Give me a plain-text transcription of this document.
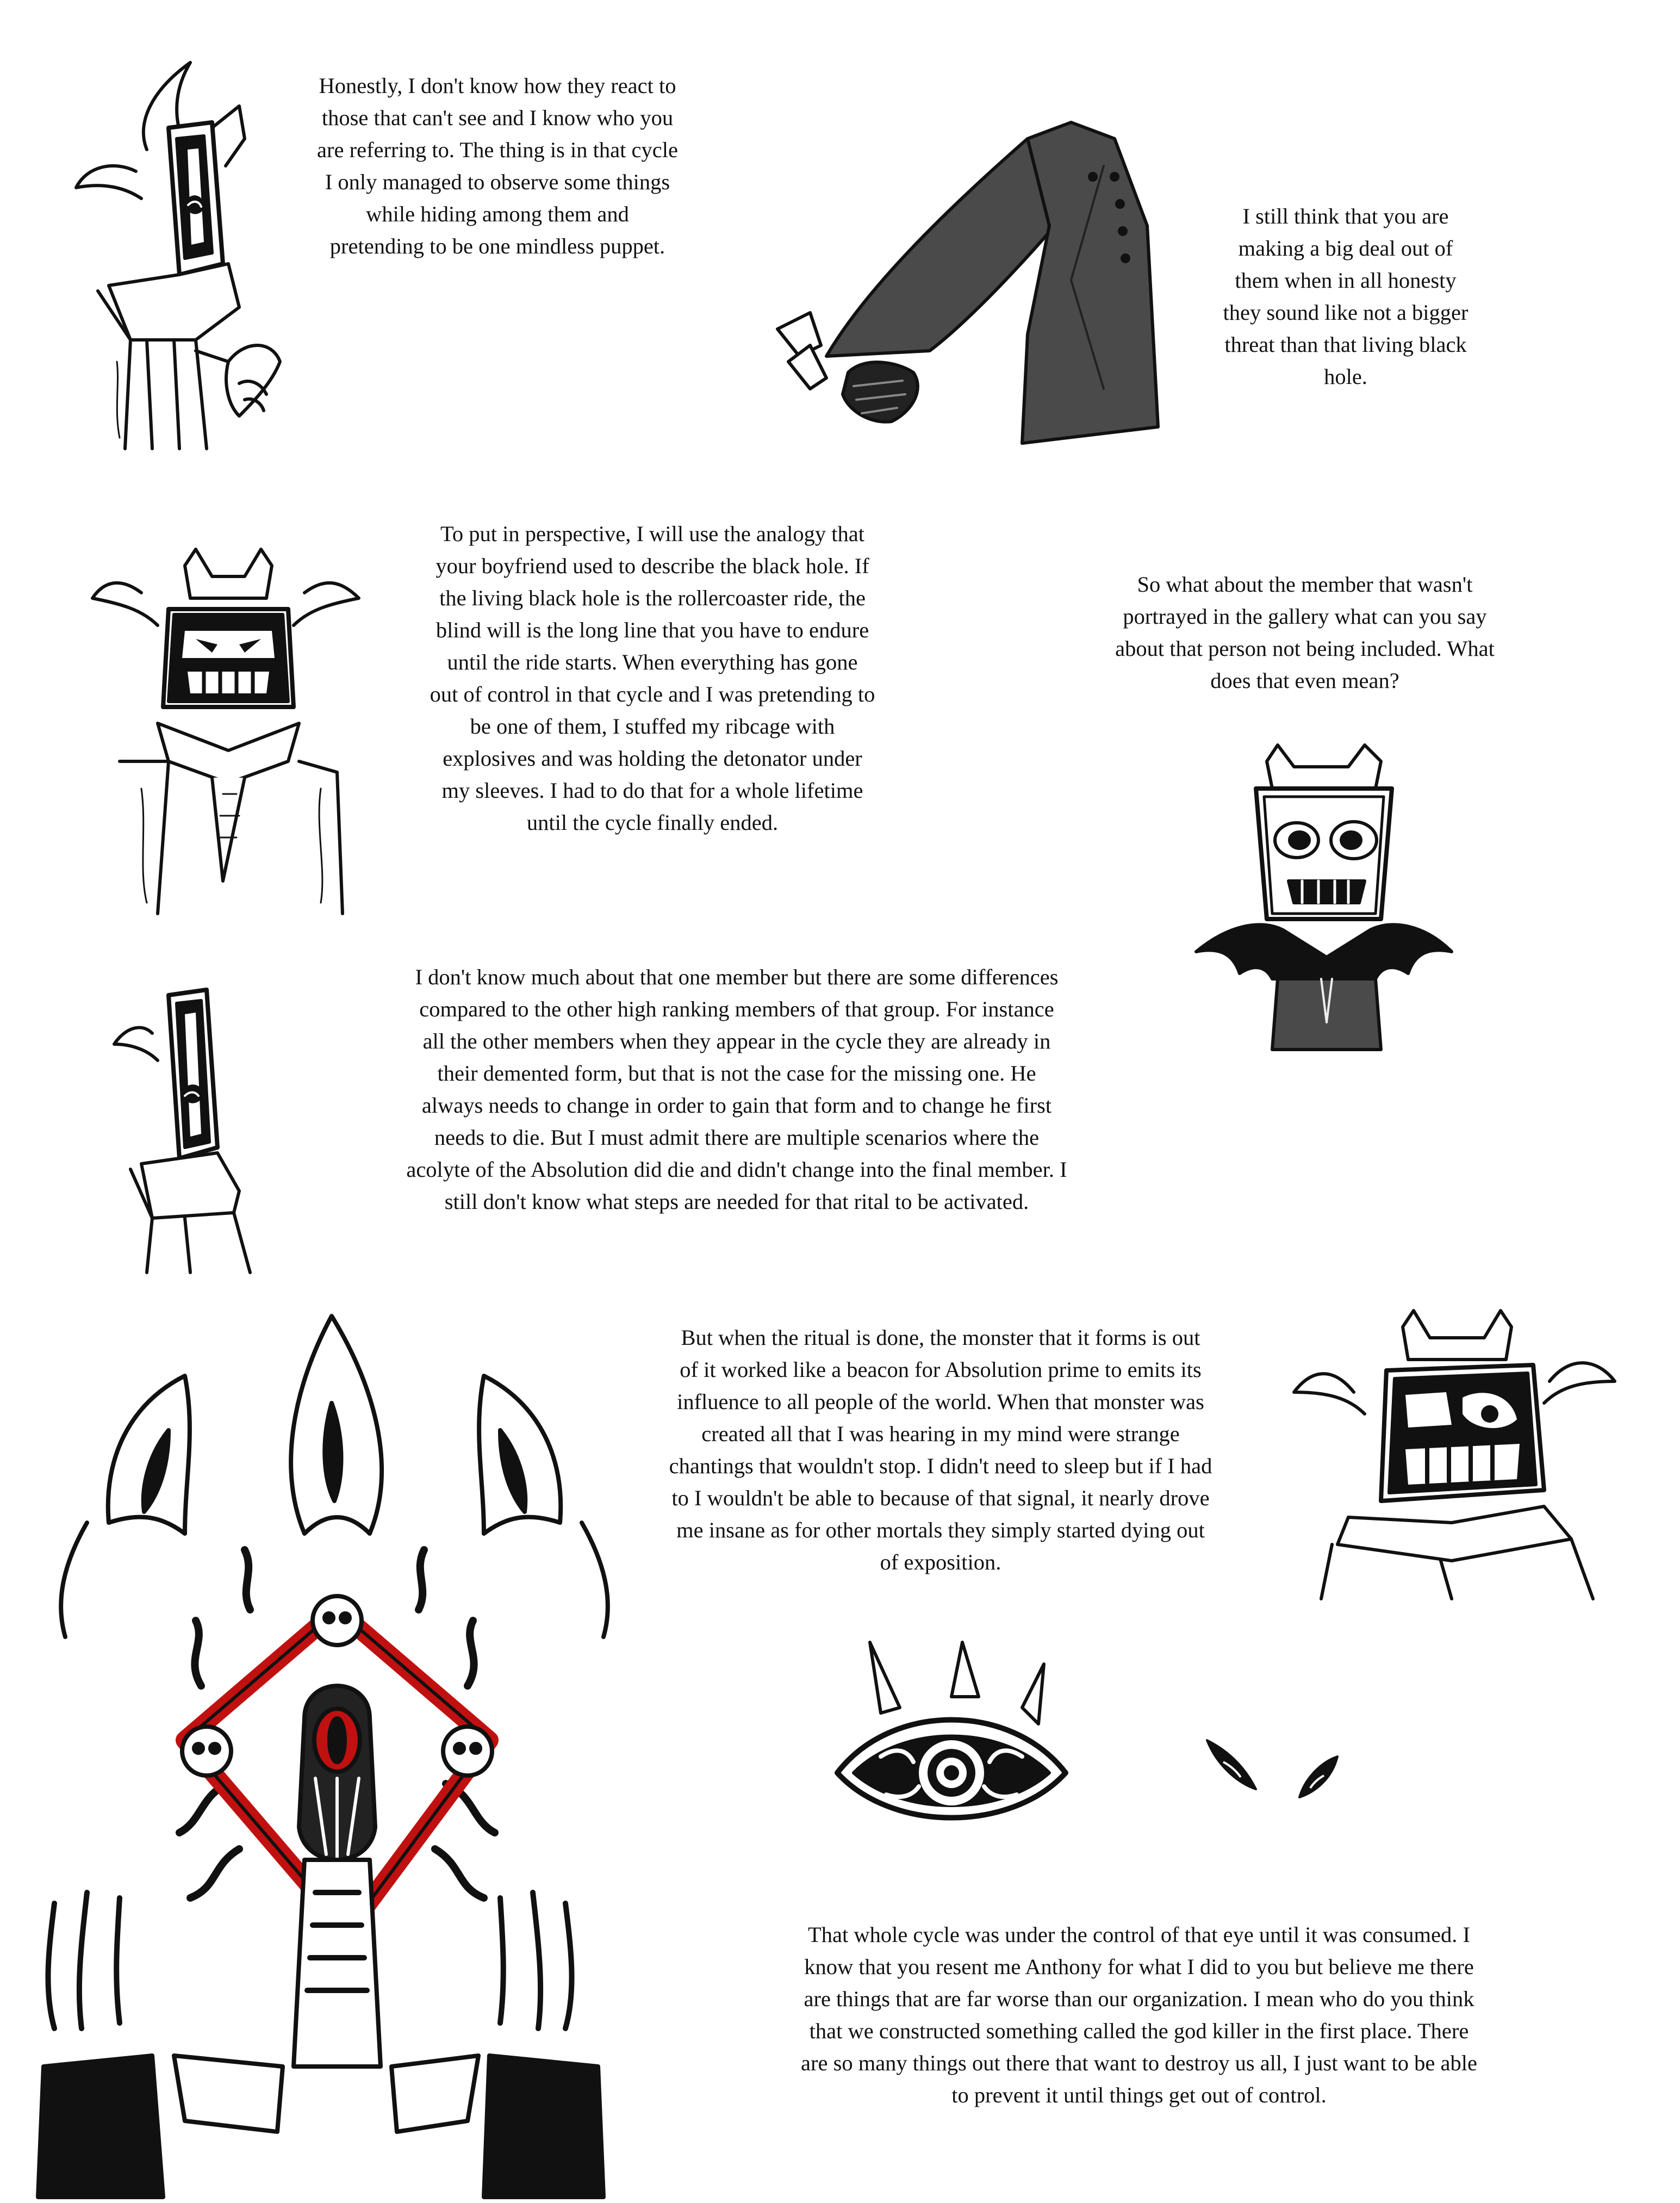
Honestly, I don't know how they react to
those that can't see and I know who you
are referring to. The thing is in that cycle
I only managed to observe some things
while hiding among them and
pretending to be one mindless puppet.
I still think that you are
making a big deal out of
them when in all honesty
they sound like not a bigger
threat than that living black
hole.
To put in perspective, I will use the analogy that
your boyfriend used to describe the black hole. If
the living black hole is the rollercoaster ride, the
blind will is the long line that you have to endure
until the ride starts. When everything has gone
out of control in that cycle and I was pretending to
be one of them, I stuffed my ribcage with
explosives and was holding the detonator under
my sleeves. I had to do that for a whole lifetime
until the cycle finally ended.
So what about the member that wasn't
portrayed in the gallery what can you say
about that person not being included. What
does that even mean?
I don't know much about that one member but there are some differences
compared to the other high ranking members of that group. For instance
all the other members when they appear in the cycle they are already in
their demented form, but that is not the case for the missing one. He
always needs to change in order to gain that form and to change he first
needs to die. But I must admit there are multiple scenarios where the
acolyte of the Absolution did die and didn't change into the final member. I
still don't know what steps are needed for that rital to be activated.
But when the ritual is done, the monster that it forms is out
of it worked like a beacon for Absolution prime to emits its
influence to all people of the world. When that monster was
created all that I was hearing in my mind were strange
chantings that wouldn't stop. I didn't need to sleep but if I had
to I wouldn't be able to because of that signal, it nearly drove
me insane as for other mortals they simply started dying out
of exposition.
That whole cycle was under the control of that eye until it was consumed. I
know that you resent me Anthony for what I did to you but believe me there
are things that are far worse than our organization. I mean who do you think
that we constructed something called the god killer in the first place. There
are so many things out there that want to destroy us all, I just want to be able
to prevent it until things get out of control.
